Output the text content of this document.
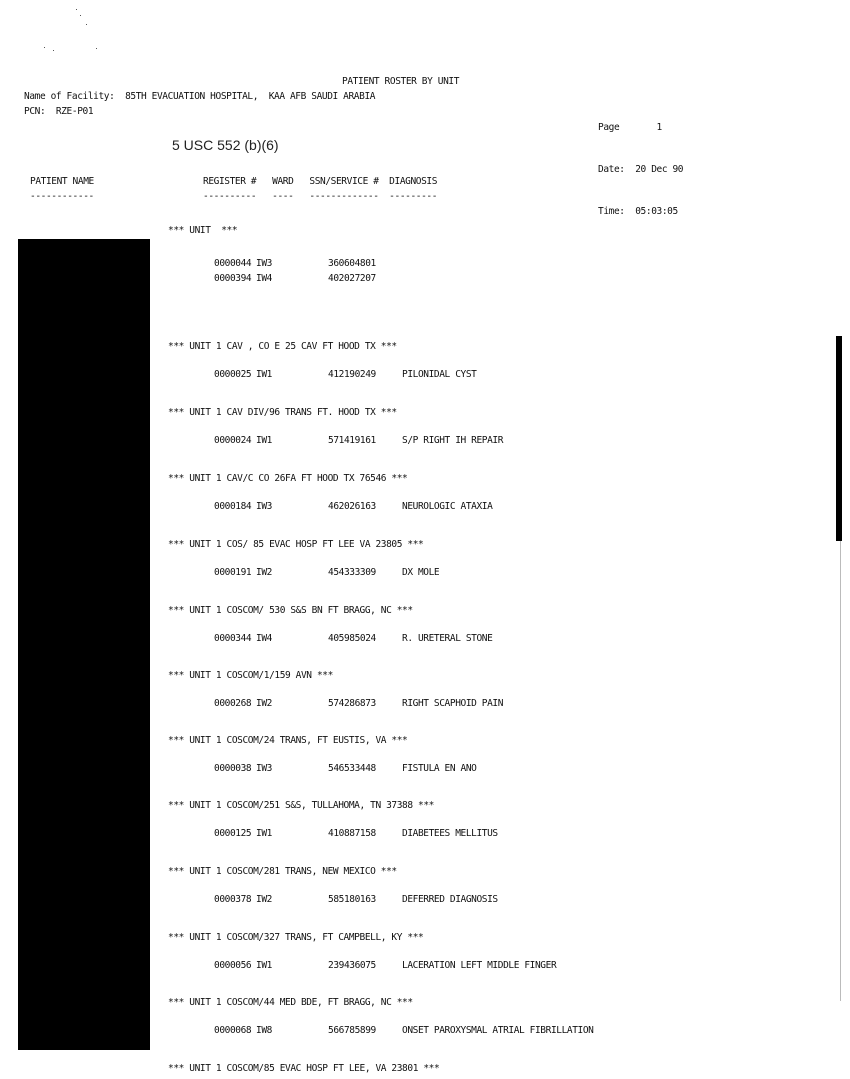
PATIENT ROSTER BY UNIT
Name of Facility:  85TH EVACUATION HOSPITAL,  KAA AFB SAUDI ARABIA
PCN:  RZE-P01

Page       1

Date:  20 Dec 90

Time:  05:03:05

5 USC 552 (b)(6)
PATIENT NAME
------------
REGISTER #   WARD   SSN/SERVICE #  DIAGNOSIS
----------   ----   -------------  ---------
*** UNIT  ***
0000044 IW3	360604801
0000394 IW4	402027207
*** UNIT 1 CAV , CO E 25 CAV FT HOOD TX ***
0000025 IW1	412190249	PILONIDAL CYST
*** UNIT 1 CAV DIV/96 TRANS FT. HOOD TX ***
0000024 IW1	571419161	S/P RIGHT IH REPAIR
*** UNIT 1 CAV/C CO 26FA FT HOOD TX 76546 ***
0000184 IW3	462026163	NEUROLOGIC ATAXIA
*** UNIT 1 COS/ 85 EVAC HOSP FT LEE VA 23805 ***
0000191 IW2	454333309	DX MOLE
*** UNIT 1 COSCOM/ 530 S&S BN FT BRAGG, NC ***
0000344 IW4	405985024	R. URETERAL STONE
*** UNIT 1 COSCOM/1/159 AVN ***
0000268 IW2	574286873	RIGHT SCAPHOID PAIN
*** UNIT 1 COSCOM/24 TRANS, FT EUSTIS, VA ***
0000038 IW3	546533448	FISTULA EN ANO
*** UNIT 1 COSCOM/251 S&S, TULLAHOMA, TN 37388 ***
0000125 IW1	410887158	DIABETEES MELLITUS
*** UNIT 1 COSCOM/281 TRANS, NEW MEXICO ***
0000378 IW2	585180163	DEFERRED DIAGNOSIS
*** UNIT 1 COSCOM/327 TRANS, FT CAMPBELL, KY ***
0000056 IW1	239436075	LACERATION LEFT MIDDLE FINGER
*** UNIT 1 COSCOM/44 MED BDE, FT BRAGG, NC ***
0000068 IW8	566785899	ONSET PAROXYSMAL ATRIAL FIBRILLATION
*** UNIT 1 COSCOM/85 EVAC HOSP FT LEE, VA 23801 ***
